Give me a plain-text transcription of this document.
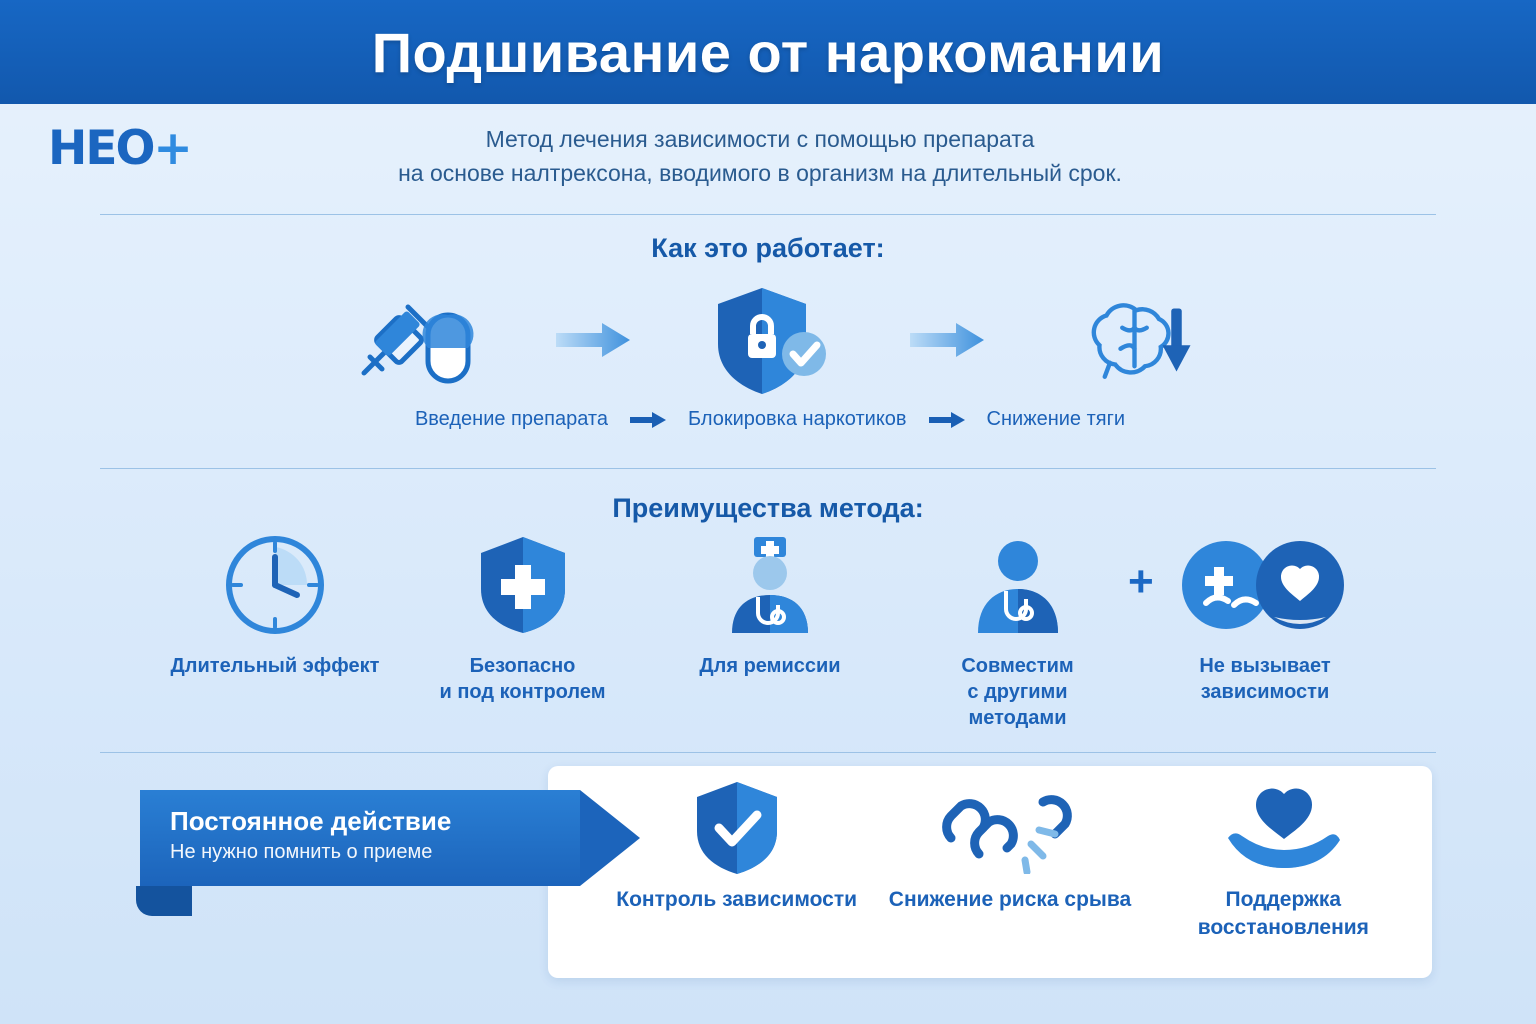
Подшивание от наркомании
НЕО+	Метод лечения зависимости с помощью препарата
на основе налтрексона, вводимого в организм на длительный срок.
Как это работает:
Введение препарата	Блокировка наркотиков	Снижение тяги
Преимущества метода:
Длительный эффект	Безопасно
и под контролем
Для ремиссии	Совместим
с другими
методами
+
Не вызывает
зависимости
Контроль зависимости Снижение риска срыва	Поддержка
восстановления
Постоянное действие
Не нужно помнить о приеме
